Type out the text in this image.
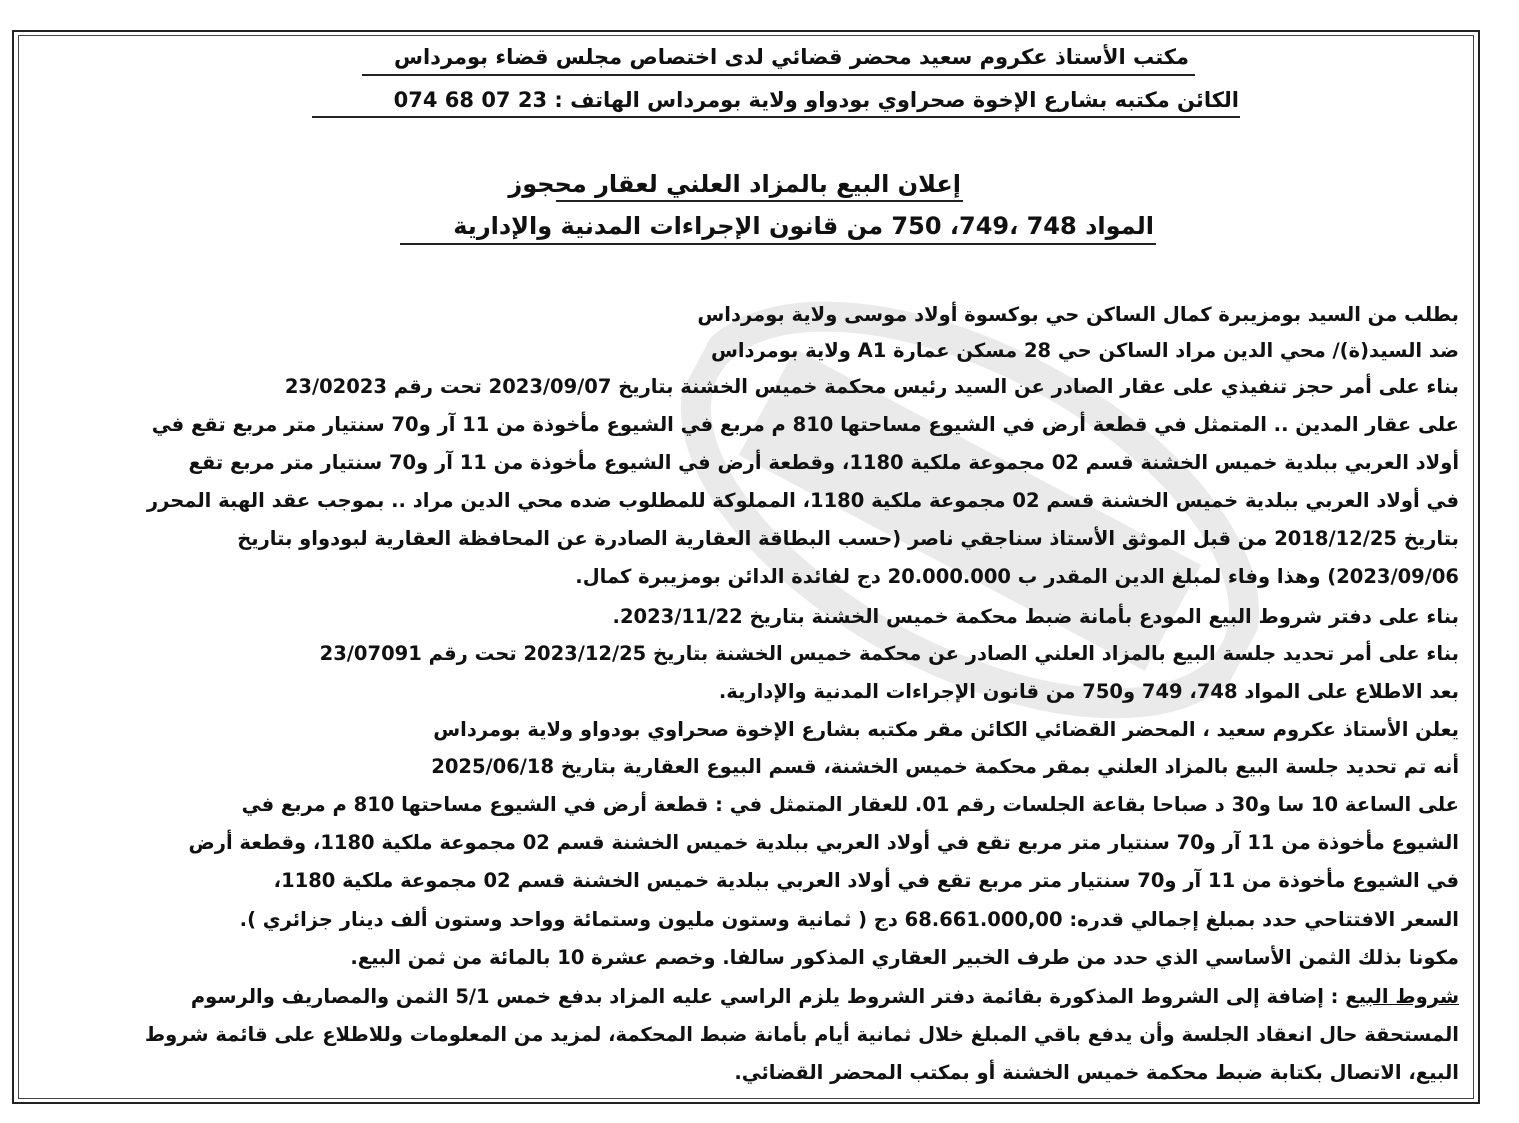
مكتب الأستاذ عكروم سعيد محضر قضائي لدى اختصاص مجلس قضاء بومرداس
الكائن مكتبه بشارع الإخوة صحراوي بودواو ولاية بومرداس الهاتف : 23 07 68 074
إعلان البيع بالمزاد العلني لعقار محجوز
المواد 748 ،749، 750 من قانون الإجراءات المدنية والإدارية
بطلب من السيد بومزيبرة كمال الساكن حي بوكسوة أولاد موسى ولاية بومرداس
ضد السيد(ة)/ محي الدين مراد الساكن حي 28 مسكن عمارة A1 ولاية بومرداس
بناء على أمر حجز تنفيذي على عقار الصادر عن السيد رئيس محكمة خميس الخشنة بتاريخ 2023/09/07 تحت رقم 23/02023
على عقار المدين .. المتمثل في قطعة أرض في الشيوع مساحتها 810 م مربع في الشيوع مأخوذة من 11 آر و70 سنتيار متر مربع تقع في
أولاد العربي ببلدية خميس الخشنة قسم 02 مجموعة ملكية 1180، وقطعة أرض في الشيوع مأخوذة من 11 آر و70 سنتيار متر مربع تقع
في أولاد العربي ببلدية خميس الخشنة قسم 02 مجموعة ملكية 1180، المملوكة للمطلوب ضده محي الدين مراد .. بموجب عقد الهبة المحرر
بتاريخ 2018/12/25 من قبل الموثق الأستاذ سناجقي ناصر (حسب البطاقة العقارية الصادرة عن المحافظة العقارية لبودواو بتاريخ
2023/09/06) وهذا وفاء لمبلغ الدين المقدر ب 20.000.000 دج لفائدة الدائن بومزيبرة كمال.
بناء على دفتر شروط البيع المودع بأمانة ضبط محكمة خميس الخشنة بتاريخ 2023/11/22.
بناء على أمر تحديد جلسة البيع بالمزاد العلني الصادر عن محكمة خميس الخشنة بتاريخ 2023/12/25 تحت رقم 23/07091
بعد الاطلاع على المواد 748، 749 و750 من قانون الإجراءات المدنية والإدارية.
يعلن الأستاذ عكروم سعيد ، المحضر القضائي الكائن مقر مكتبه بشارع الإخوة صحراوي بودواو ولاية بومرداس
أنه تم تحديد جلسة البيع بالمزاد العلني بمقر محكمة خميس الخشنة، قسم البيوع العقارية بتاريخ 2025/06/18
على الساعة 10 سا و30 د صباحا بقاعة الجلسات رقم 01. للعقار المتمثل في : قطعة أرض في الشيوع مساحتها 810 م مربع في
الشيوع مأخوذة من 11 آر و70 سنتيار متر مربع تقع في أولاد العربي ببلدية خميس الخشنة قسم 02 مجموعة ملكية 1180، وقطعة أرض
في الشيوع مأخوذة من 11 آر و70 سنتيار متر مربع تقع في أولاد العربي ببلدية خميس الخشنة قسم 02 مجموعة ملكية 1180،
السعر الافتتاحي حدد بمبلغ إجمالي قدره: 68.661.000,00 دج ( ثمانية وستون مليون وستمائة وواحد وستون ألف دينار جزائري ).
مكونا بذلك الثمن الأساسي الذي حدد من طرف الخبير العقاري المذكور سالفا. وخصم عشرة 10 بالمائة من ثمن البيع.
شروط البيع : إضافة إلى الشروط المذكورة بقائمة دفتر الشروط يلزم الراسي عليه المزاد بدفع خمس 5/1 الثمن والمصاريف والرسوم
المستحقة حال انعقاد الجلسة وأن يدفع باقي المبلغ خلال ثمانية أيام بأمانة ضبط المحكمة، لمزيد من المعلومات وللاطلاع على قائمة شروط
البيع، الاتصال بكتابة ضبط محكمة خميس الخشنة أو بمكتب المحضر القضائي.
